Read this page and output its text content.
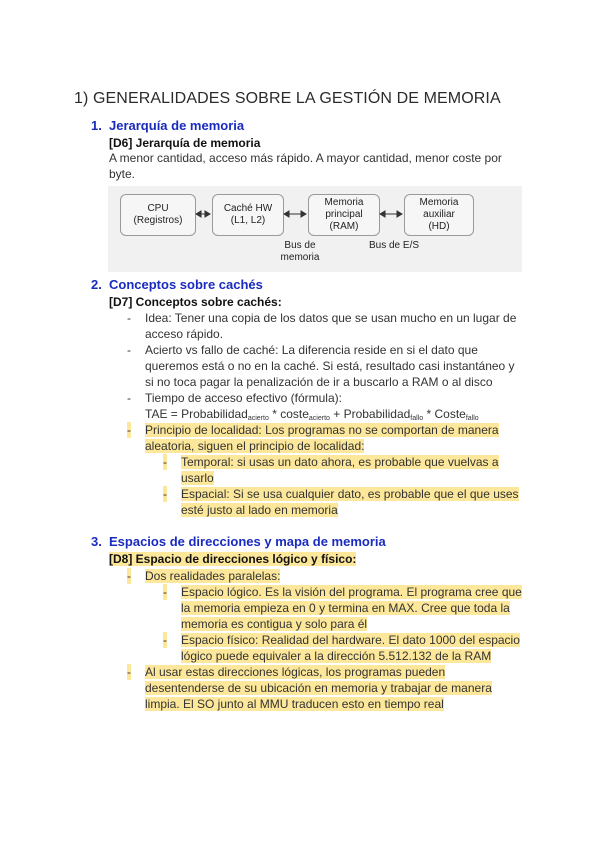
1) GENERALIDADES SOBRE LA GESTIÓN DE MEMORIA
1. Jerarquía de memoria
[D6] Jerarquía de memoria
A menor cantidad, acceso más rápido. A mayor cantidad, menor coste por
byte.
CPU
(Registros)
Caché HW
(L1, L2)
Memoria
principal
(RAM)
Memoria
auxiliar
(HD)
Bus de
memoria
Bus de E/S
2. Conceptos sobre cachés
[D7] Conceptos sobre cachés:
- Idea: Tener una copia de los datos que se usan mucho en un lugar de
acceso rápido.
- Acierto vs fallo de caché: La diferencia reside en si el dato que
queremos está o no en la caché. Si está, resultado casi instantáneo y
si no toca pagar la penalización de ir a buscarlo a RAM o al disco
- Tiempo de acceso efectivo (fórmula):
TAE = Probabilidad$_{acierto}$ * coste$_{acierto}$ + Probabilidad$_{fallo}$ * Coste$_{fallo}$
- Principio de localidad: Los programas no se comportan de manera
aleatoria, siguen el principio de localidad:
- Temporal: si usas un dato ahora, es probable que vuelvas a
usarlo
- Espacial: Si se usa cualquier dato, es probable que el que uses
esté justo al lado en memoria
3. Espacios de direcciones y mapa de memoria
[D8] Espacio de direcciones lógico y físico:
- Dos realidades paralelas:
- Espacio lógico. Es la visión del programa. El programa cree que
la memoria empieza en 0 y termina en MAX. Cree que toda la
memoria es contigua y solo para él
- Espacio físico: Realidad del hardware. El dato 1000 del espacio
lógico puede equivaler a la dirección 5.512.132 de la RAM
- Al usar estas direcciones lógicas, los programas pueden
desentenderse de su ubicación en memoria y trabajar de manera
limpia. El SO junto al MMU traducen esto en tiempo real
